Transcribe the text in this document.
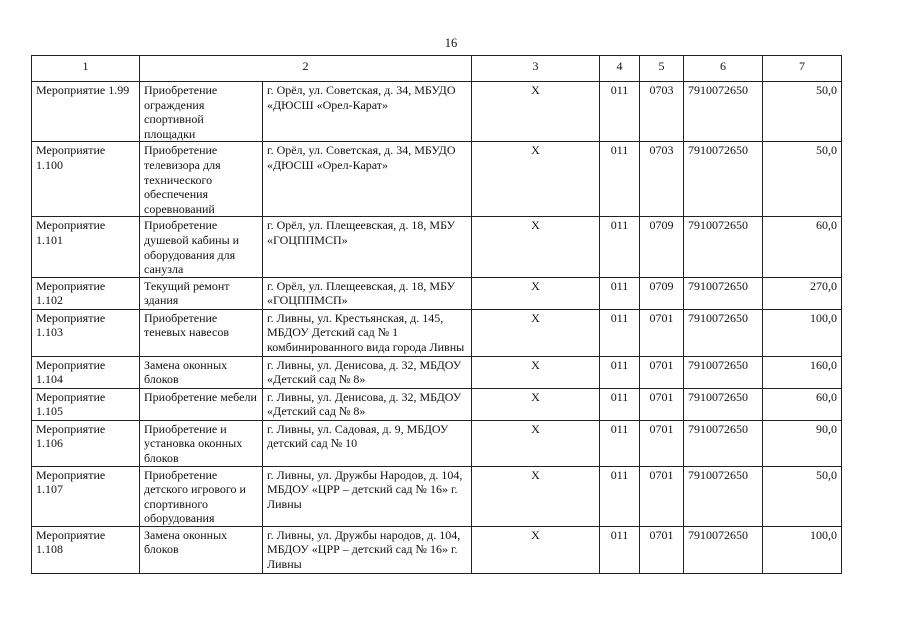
16
1	2		3	4	5	6	7
Мероприятие 1.99	Приобретение ограждения спортивной площадки	г. Орёл, ул. Советская, д. 34, МБУДО «ДЮСШ «Орел-Карат»	X	011	0703	7910072650	50,0
Мероприятие 1.100	Приобретение телевизора для технического обеспечения соревнований	г. Орёл, ул. Советская, д. 34, МБУДО «ДЮСШ «Орел-Карат»	X	011	0703	7910072650	50,0
Мероприятие 1.101	Приобретение душевой кабины и оборудования для санузла	г. Орёл, ул. Плещеевская, д. 18, МБУ «ГОЦППМСП»	X	011	0709	7910072650	60,0
Мероприятие 1.102	Текущий ремонт здания	г. Орёл, ул. Плещеевская, д. 18, МБУ «ГОЦППМСП»	X	011	0709	7910072650	270,0
Мероприятие 1.103	Приобретение теневых навесов	г. Ливны, ул. Крестьянская, д. 145, МБДОУ Детский сад № 1 комбинированного вида города Ливны	X	011	0701	7910072650	100,0
Мероприятие 1.104	Замена оконных блоков	г. Ливны, ул. Денисова, д. 32, МБДОУ «Детский сад № 8»	X	011	0701	7910072650	160,0
Мероприятие 1.105	Приобретение мебели	г. Ливны, ул. Денисова, д. 32, МБДОУ «Детский сад № 8»	X	011	0701	7910072650	60,0
Мероприятие 1.106	Приобретение и установка оконных блоков	г. Ливны, ул. Садовая, д. 9, МБДОУ детский сад № 10	X	011	0701	7910072650	90,0
Мероприятие 1.107	Приобретение детского игрового и спортивного оборудования	г. Ливны, ул. Дружбы Народов, д. 104, МБДОУ «ЦРР – детский сад № 16» г. Ливны	X	011	0701	7910072650	50,0
Мероприятие 1.108	Замена оконных блоков	г. Ливны, ул. Дружбы народов, д. 104, МБДОУ «ЦРР – детский сад № 16» г. Ливны	X	011	0701	7910072650	100,0
